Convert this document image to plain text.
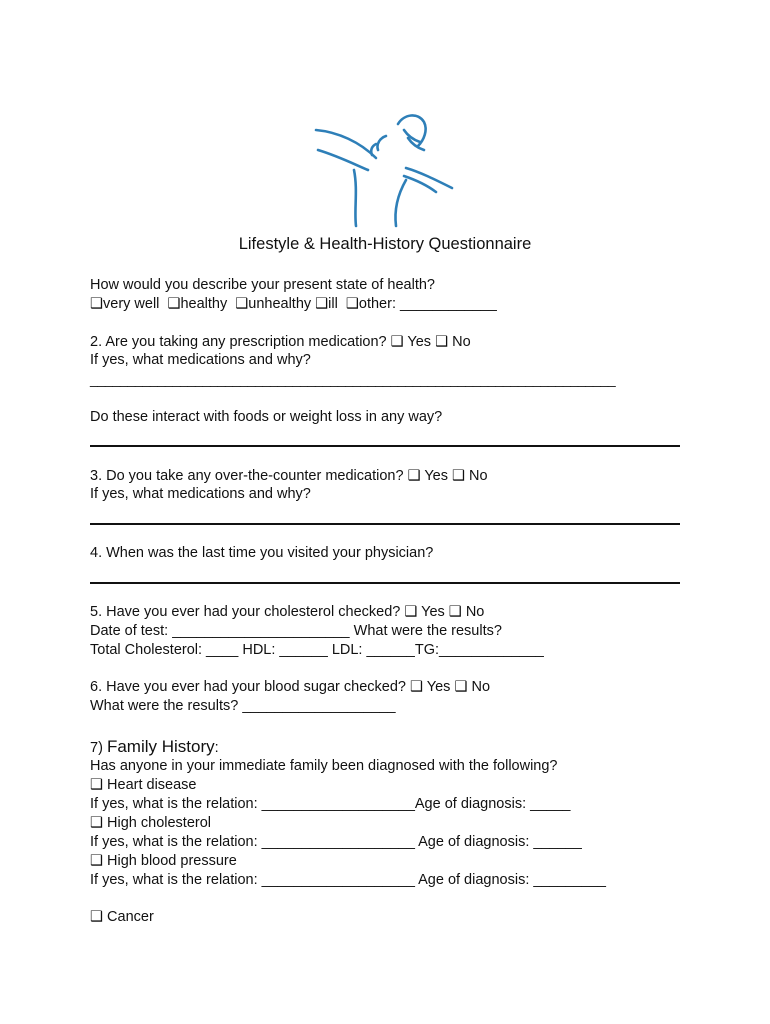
Lifestyle & Health-History Questionnaire
How would you describe your present state of health?
❑very well  ❑healthy  ❑unhealthy ❑ill  ❑other: ____________
2. Are you taking any prescription medication? ❑ Yes ❑ No
If yes, what medications and why?
______________________________________________________________________
Do these interact with foods or weight loss in any way?
3. Do you take any over-the-counter medication? ❑ Yes ❑ No
If yes, what medications and why?
4. When was the last time you visited your physician?
5. Have you ever had your cholesterol checked? ❑ Yes ❑ No
Date of test: ______________________ What were the results?
Total Cholesterol: ____ HDL: ______ LDL: ______TG:_____________
6. Have you ever had your blood sugar checked? ❑ Yes ❑ No
What were the results? ___________________
7) Family History:
Has anyone in your immediate family been diagnosed with the following?
❑ Heart disease
If yes, what is the relation: ___________________Age of diagnosis: _____
❑ High cholesterol
If yes, what is the relation: ___________________ Age of diagnosis: ______
❑ High blood pressure
If yes, what is the relation: ___________________ Age of diagnosis: _________
❑ Cancer
